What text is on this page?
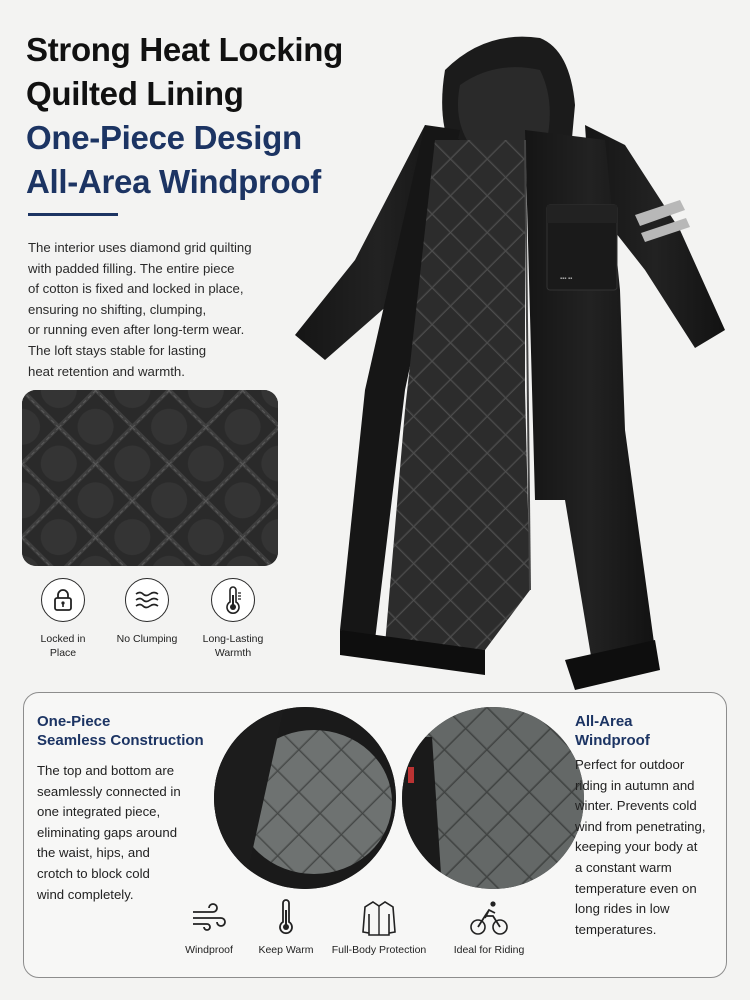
Strong Heat Locking
Quilted Lining
One-Piece Design
All-Area Windproof
The interior uses diamond grid quilting
with padded filling. The entire piece
of cotton is fixed and locked in place,
ensuring no shifting, clumping,
or running even after long-term wear.
The loft stays stable for lasting
heat retention and warmth.
▪▪▪ ▪▪
Locked in
Place
No Clumping	Long-Lasting
Warmth
One-Piece
Seamless Construction
The top and bottom are
seamlessly connected in
one integrated piece,
eliminating gaps around
the waist, hips, and
crotch to block cold
wind completely.
All-Area
Windproof
Perfect for outdoor
riding in autumn and
winter. Prevents cold
wind from penetrating,
keeping your body at
a constant warm
temperature even on
long rides in low
temperatures.
Windproof	Keep Warm	Full-Body Protection	Ideal for Riding
